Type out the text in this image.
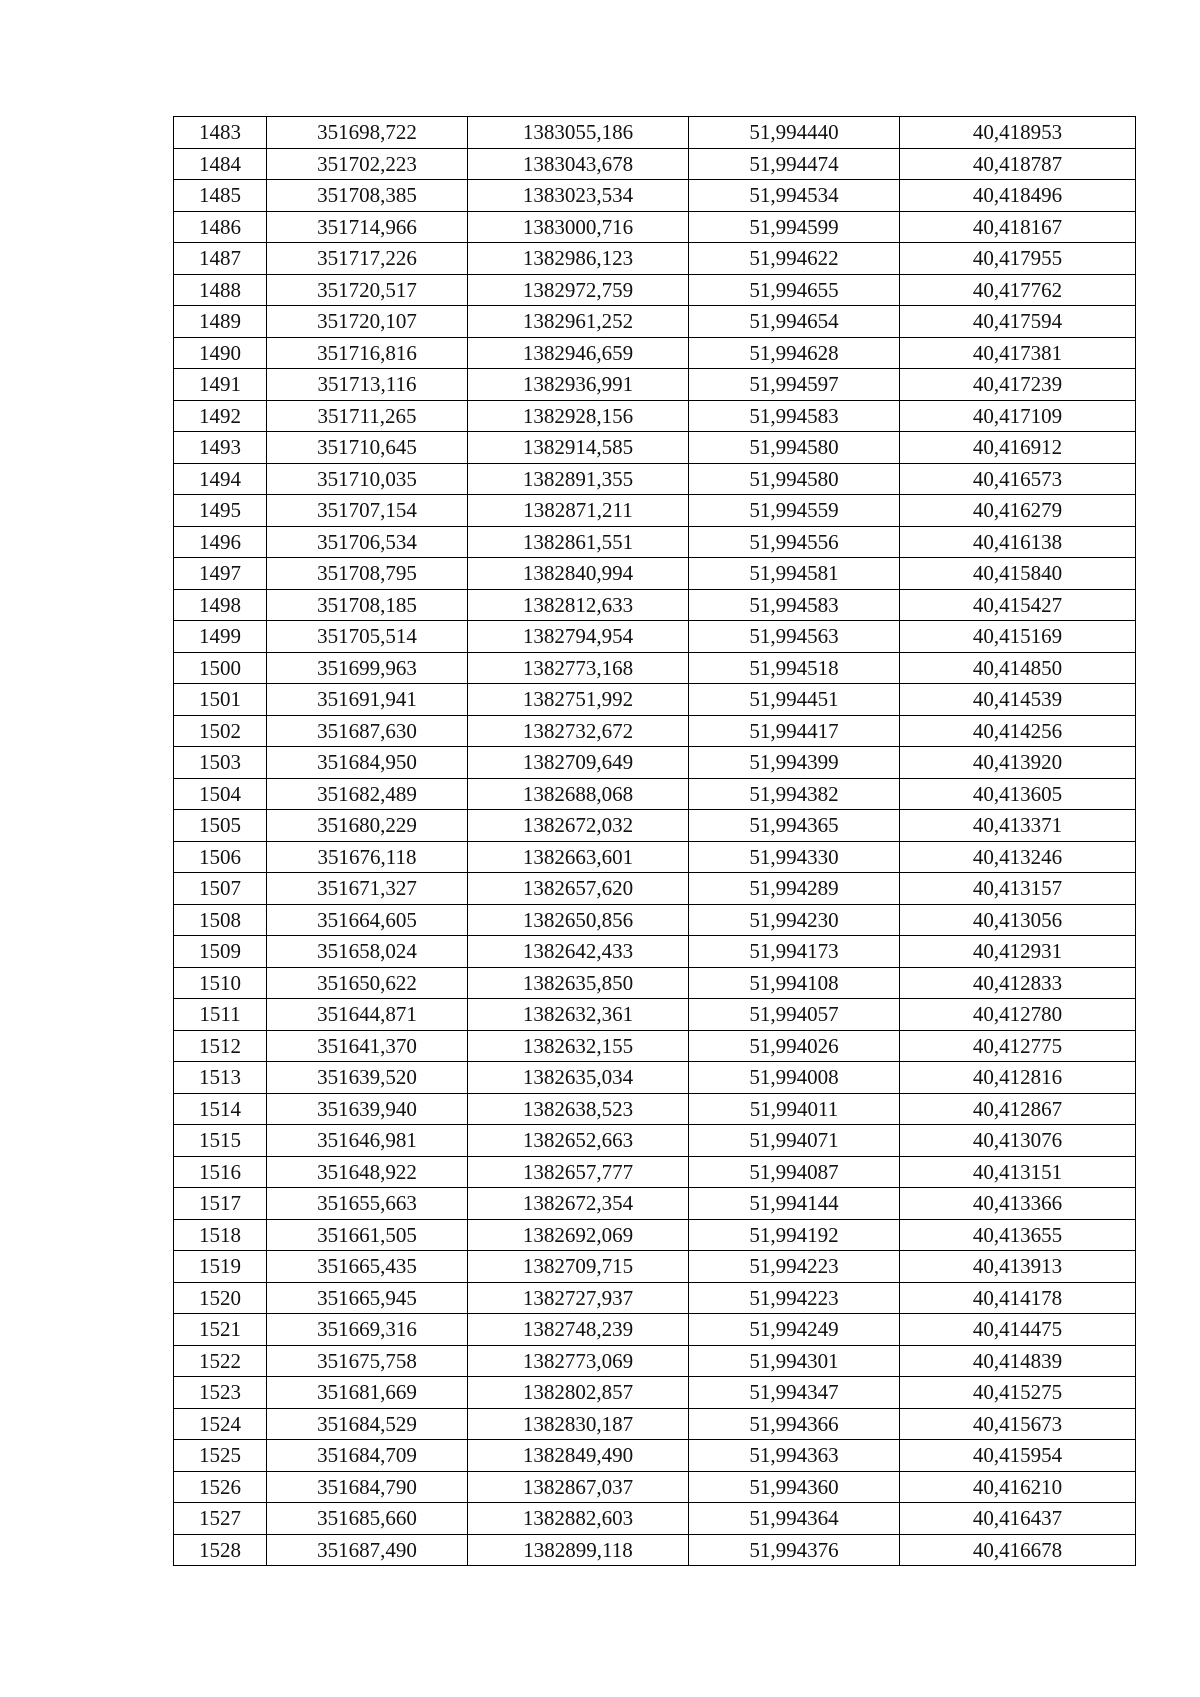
1483	351698,722	1383055,186	51,994440	40,418953
1484	351702,223	1383043,678	51,994474	40,418787
1485	351708,385	1383023,534	51,994534	40,418496
1486	351714,966	1383000,716	51,994599	40,418167
1487	351717,226	1382986,123	51,994622	40,417955
1488	351720,517	1382972,759	51,994655	40,417762
1489	351720,107	1382961,252	51,994654	40,417594
1490	351716,816	1382946,659	51,994628	40,417381
1491	351713,116	1382936,991	51,994597	40,417239
1492	351711,265	1382928,156	51,994583	40,417109
1493	351710,645	1382914,585	51,994580	40,416912
1494	351710,035	1382891,355	51,994580	40,416573
1495	351707,154	1382871,211	51,994559	40,416279
1496	351706,534	1382861,551	51,994556	40,416138
1497	351708,795	1382840,994	51,994581	40,415840
1498	351708,185	1382812,633	51,994583	40,415427
1499	351705,514	1382794,954	51,994563	40,415169
1500	351699,963	1382773,168	51,994518	40,414850
1501	351691,941	1382751,992	51,994451	40,414539
1502	351687,630	1382732,672	51,994417	40,414256
1503	351684,950	1382709,649	51,994399	40,413920
1504	351682,489	1382688,068	51,994382	40,413605
1505	351680,229	1382672,032	51,994365	40,413371
1506	351676,118	1382663,601	51,994330	40,413246
1507	351671,327	1382657,620	51,994289	40,413157
1508	351664,605	1382650,856	51,994230	40,413056
1509	351658,024	1382642,433	51,994173	40,412931
1510	351650,622	1382635,850	51,994108	40,412833
1511	351644,871	1382632,361	51,994057	40,412780
1512	351641,370	1382632,155	51,994026	40,412775
1513	351639,520	1382635,034	51,994008	40,412816
1514	351639,940	1382638,523	51,994011	40,412867
1515	351646,981	1382652,663	51,994071	40,413076
1516	351648,922	1382657,777	51,994087	40,413151
1517	351655,663	1382672,354	51,994144	40,413366
1518	351661,505	1382692,069	51,994192	40,413655
1519	351665,435	1382709,715	51,994223	40,413913
1520	351665,945	1382727,937	51,994223	40,414178
1521	351669,316	1382748,239	51,994249	40,414475
1522	351675,758	1382773,069	51,994301	40,414839
1523	351681,669	1382802,857	51,994347	40,415275
1524	351684,529	1382830,187	51,994366	40,415673
1525	351684,709	1382849,490	51,994363	40,415954
1526	351684,790	1382867,037	51,994360	40,416210
1527	351685,660	1382882,603	51,994364	40,416437
1528	351687,490	1382899,118	51,994376	40,416678
